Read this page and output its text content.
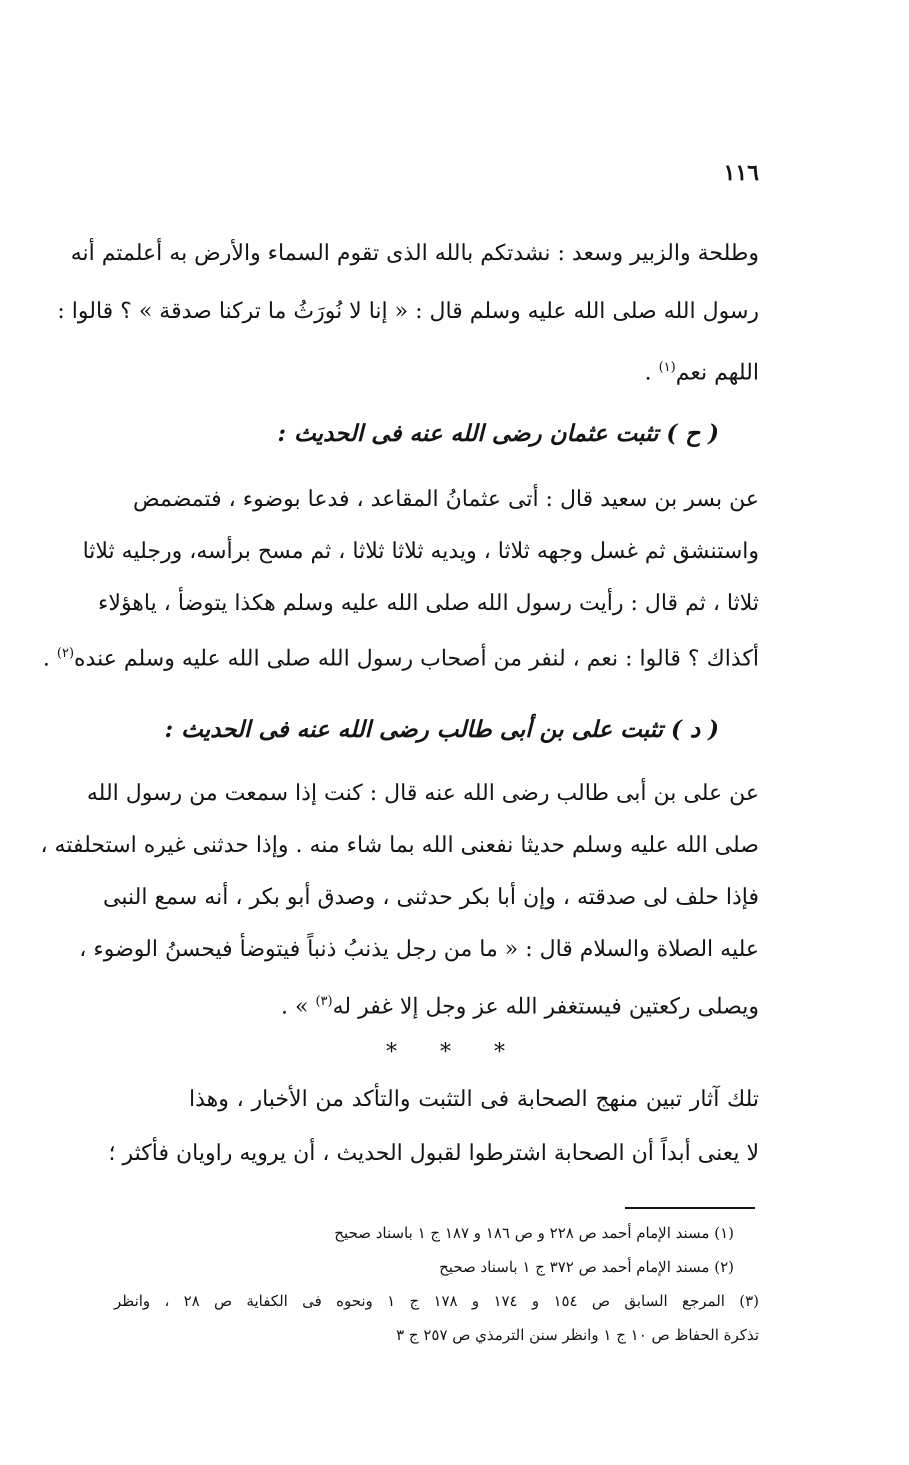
١١٦
وطلحة والزبير وسعد : نشدتكم بالله الذى تقوم السماء والأرض به أعلمتم أنه
رسول الله صلى الله عليه وسلم قال : « إنا لا نُورَثُ ما تركنا صدقة » ؟ قالوا :
اللهم نعم$^{(١)}$ .
( ح ) تثبت عثمان رضى الله عنه فى الحديث :
عن بسر بن سعيد قال : أتى عثمانُ المقاعد ، فدعا بوضوء ، فتمضمض
واستنشق ثم غسل وجهه ثلاثا ، ويديه ثلاثا ثلاثا ، ثم مسح برأسه، ورجليه ثلاثا
ثلاثا ، ثم قال : رأيت رسول الله صلى الله عليه وسلم هكذا يتوضأ ، ياهؤلاء
أكذاك ؟ قالوا : نعم ، لنفر من أصحاب رسول الله صلى الله عليه وسلم عنده$^{(٢)}$ .
( د ) تثبت على بن أبى طالب رضى الله عنه فى الحديث :
عن على بن أبى طالب رضى الله عنه قال : كنت إذا سمعت من رسول الله
صلى الله عليه وسلم حديثا نفعنى الله بما شاء منه . وإذا حدثنى غيره استحلفته ،
فإذا حلف لى صدقته ، وإن أبا بكر حدثنى ، وصدق أبو بكر ، أنه سمع النبى
عليه الصلاة والسلام قال : « ما من رجل يذنبُ ذنباً فيتوضأ فيحسنُ الوضوء ،
ويصلى ركعتين فيستغفر الله عز وجل إلا غفر له$^{(٣)}$ » .
* * *
تلك آثار تبين منهج الصحابة فى التثبت والتأكد من الأخبار ، وهذا
لا يعنى أبداً أن الصحابة اشترطوا لقبول الحديث ، أن يرويه راويان فأكثر ؛
(١) مسند الإمام أحمد ص ٢٢٨ و ص ١٨٦ و ١٨٧ ج ١ باسناد صحيح
(٢) مسند الإمام أحمد ص ٣٧٢ ج ١ باسناد صحيح
(٣) المرجع السابق ص ١٥٤ و ١٧٤ و ١٧٨ ج ١ ونحوه فى الكفاية ص ٢٨ ، وانظر
تذكرة الحفاظ ص ١٠ ج ١ وانظر سنن الترمذي ص ٢٥٧ ج ٣
